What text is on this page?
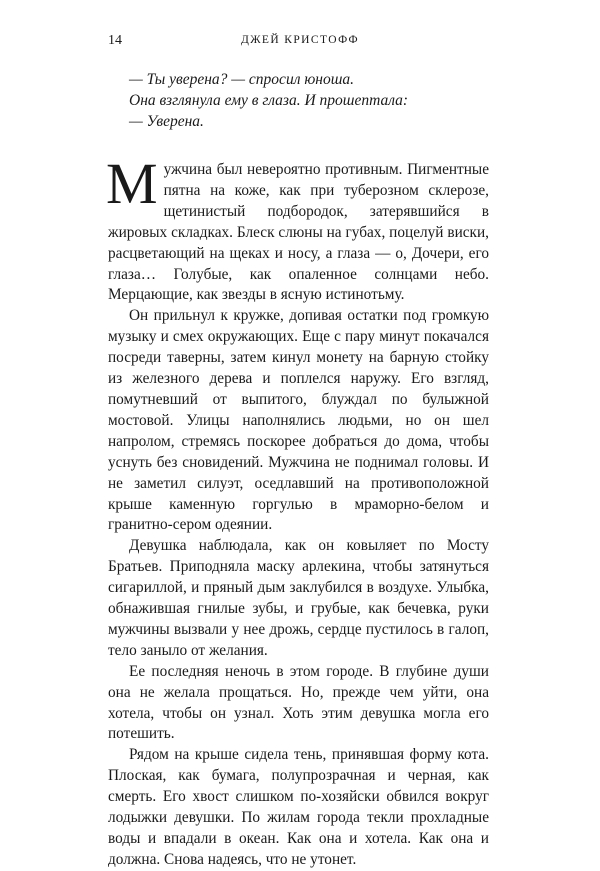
14	ДЖЕЙ КРИСТОФФ
— Ты уверена? — спросил юноша.
Она взглянула ему в глаза. И прошептала:
— Уверена.

Мужчина был невероятно противным. Пигментные пятна на коже, как при туберозном склерозе, щетинистый подбородок, затерявшийся в жировых складках. Блеск слюны на губах, поцелуй виски, расцветающий на щеках и носу, а глаза — о, Дочери, его глаза… Голубые, как опаленное солнцами небо. Мерцающие, как звезды в ясную истинотьму.

Он прильнул к кружке, допивая остатки под громкую музыку и смех окружающих. Еще с пару минут покачался посреди таверны, затем кинул монету на барную стойку из железного дерева и поплелся наружу. Его взгляд, помутневший от выпитого, блуждал по булыжной мостовой. Улицы наполнялись людьми, но он шел напролом, стремясь поскорее добраться до дома, чтобы уснуть без сновидений. Мужчина не поднимал головы. И не заметил силуэт, оседлавший на противоположной крыше каменную горгулью в мраморно-белом и гранитно-сером одеянии.

Девушка наблюдала, как он ковыляет по Мосту Братьев. Приподняла маску арлекина, чтобы затянуться сигариллой, и пряный дым заклубился в воздухе. Улыбка, обнажившая гнилые зубы, и грубые, как бечевка, руки мужчины вызвали у нее дрожь, сердце пустилось в галоп, тело заныло от желания.

Ее последняя неночь в этом городе. В глубине души она не желала прощаться. Но, прежде чем уйти, она хотела, чтобы он узнал. Хоть этим девушка могла его потешить.

Рядом на крыше сидела тень, принявшая форму кота. Плоская, как бумага, полупрозрачная и черная, как смерть. Его хвост слишком по-хозяйски обвился вокруг лодыжки девушки. По жилам города текли прохладные воды и впадали в океан. Как она и хотела. Как она и должна. Снова надеясь, что не утонет.
